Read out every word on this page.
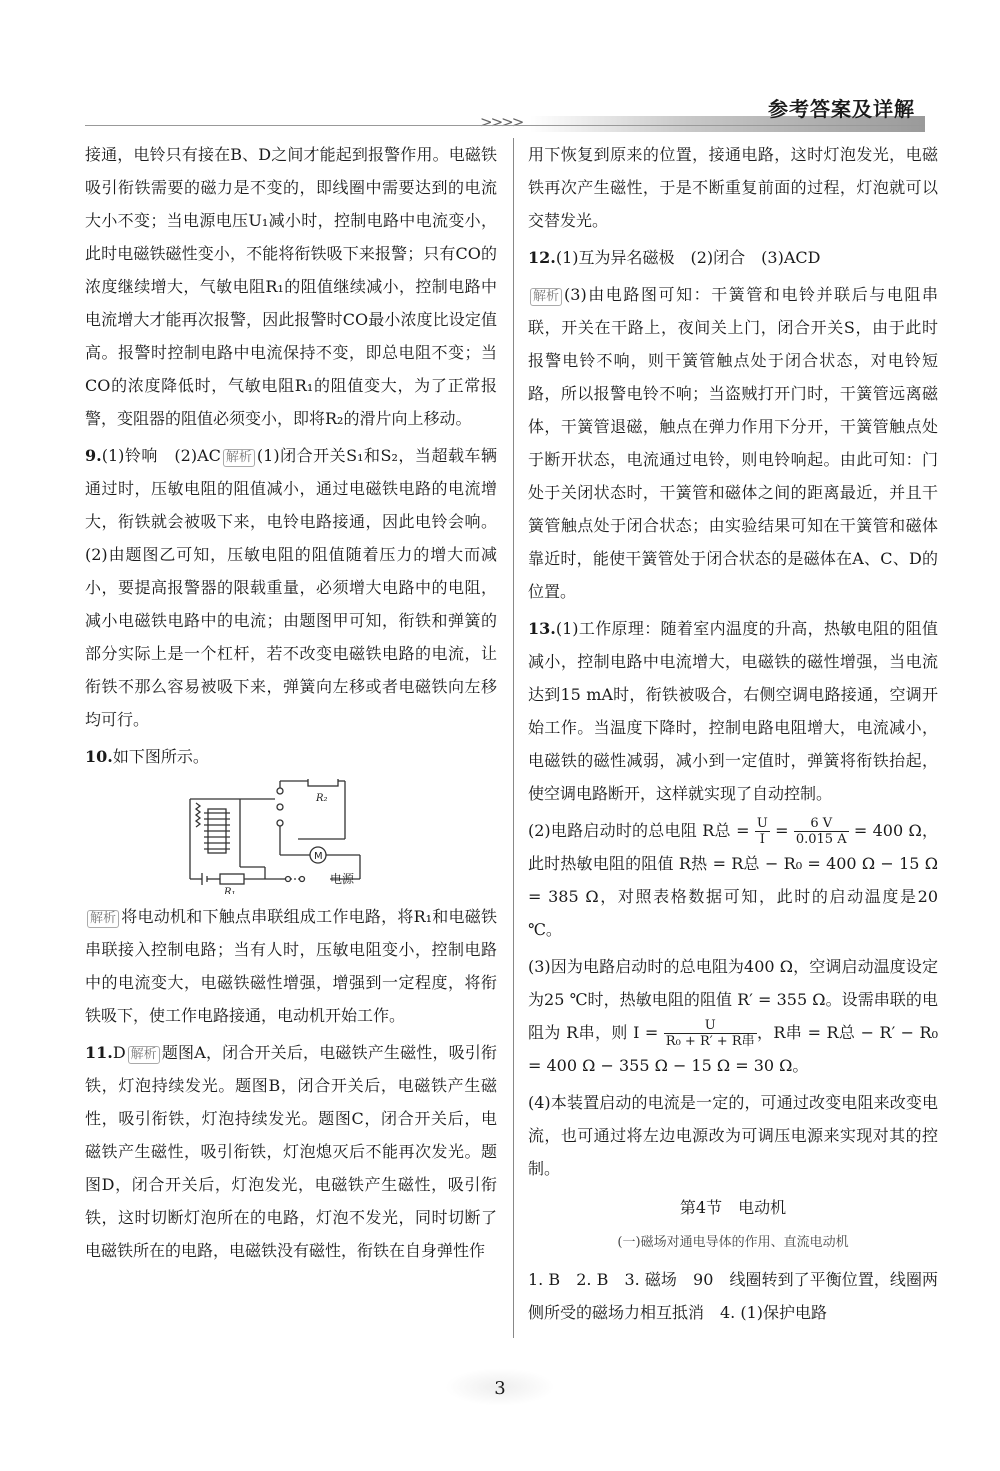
>>>>
参考答案及详解

接通，电铃只有接在B、D之间才能起到报警作用。电磁铁吸引衔铁需要的磁力是不变的，即线圈中需要达到的电流大小不变；当电源电压U₁减小时，控制电路中电流变小，此时电磁铁磁性变小，不能将衔铁吸下来报警；只有CO的浓度继续增大，气敏电阻R₁的阻值继续减小，控制电路中电流增大才能再次报警，因此报警时CO最小浓度比设定值高。报警时控制电路中电流保持不变，即总电阻不变；当CO的浓度降低时，气敏电阻R₁的阻值变大，为了正常报警，变阻器的阻值必须变小，即将R₂的滑片向上移动。

9.(1)铃响　(2)AC 解析 (1)闭合开关S₁和S₂，当超载车辆通过时，压敏电阻的阻值减小，通过电磁铁电路的电流增大，衔铁就会被吸下来，电铃电路接通，因此电铃会响。(2)由题图乙可知，压敏电阻的阻值随着压力的增大而减小，要提高报警器的限载重量，必须增大电路中的电阻，减小电磁铁电路中的电流；由题图甲可知，衔铁和弹簧的部分实际上是一个杠杆，若不改变电磁铁电路的电流，让衔铁不那么容易被吸下来，弹簧向左移或者电磁铁向左移均可行。

10.如下图所示。

R₂
R₁
M
电源

解析 将电动机和下触点串联组成工作电路，将R₁和电磁铁串联接入控制电路；当有人时，压敏电阻变小，控制电路中的电流变大，电磁铁磁性增强，增强到一定程度，将衔铁吸下，使工作电路接通，电动机开始工作。

11.D 解析 题图A，闭合开关后，电磁铁产生磁性，吸引衔铁，灯泡持续发光。题图B，闭合开关后，电磁铁产生磁性，吸引衔铁，灯泡持续发光。题图C，闭合开关后，电磁铁产生磁性，吸引衔铁，灯泡熄灭后不能再次发光。题图D，闭合开关后，灯泡发光，电磁铁产生磁性，吸引衔铁，这时切断灯泡所在的电路，灯泡不发光，同时切断了电磁铁所在的电路，电磁铁没有磁性，衔铁在自身弹性作

用下恢复到原来的位置，接通电路，这时灯泡发光，电磁铁再次产生磁性，于是不断重复前面的过程，灯泡就可以交替发光。

12.(1)互为异名磁极　(2)闭合　(3)ACD

解析 (3)由电路图可知：干簧管和电铃并联后与电阻串联，开关在干路上，夜间关上门，闭合开关S，由于此时报警电铃不响，则干簧管触点处于闭合状态，对电铃短路，所以报警电铃不响；当盗贼打开门时，干簧管远离磁体，干簧管退磁，触点在弹力作用下分开，干簧管触点处于断开状态，电流通过电铃，则电铃响起。由此可知：门处于关闭状态时，干簧管和磁体之间的距离最近，并且干簧管触点处于闭合状态；由实验结果可知在干簧管和磁体靠近时，能使干簧管处于闭合状态的是磁体在A、C、D的位置。

13.(1)工作原理：随着室内温度的升高，热敏电阻的阻值减小，控制电路中电流增大，电磁铁的磁性增强，当电流达到15 mA时，衔铁被吸合，右侧空调电路接通，空调开始工作。当温度下降时，控制电路电阻增大，电流减小，电磁铁的磁性减弱，减小到一定值时，弹簧将衔铁抬起，使空调电路断开，这样就实现了自动控制。

(2)电路启动时的总电阻 R总 = $\frac{U}{I} = \frac{6 V}{0.015 A} = 400$ Ω，此时热敏电阻的阻值 R热 = R总 − R₀ = 400 Ω − 15 Ω = 385 Ω，对照表格数据可知，此时的启动温度是20 ℃。

(3)因为电路启动时的总电阻为400 Ω，空调启动温度设定为25 ℃时，热敏电阻的阻值 R′ = 355 Ω。设需串联的电阻为 R串，则 $I = \frac{U}{\text{R₀ + R′ + R串}}$ ，R串 = R总 − R′ − R₀ = 400 Ω − 355 Ω − 15 Ω = 30 Ω。

(4)本装置启动的电流是一定的，可通过改变电阻来改变电流，也可通过将左边电源改为可调压电源来实现对其的控制。

第4节　电动机
(一)磁场对通电导体的作用、直流电动机

1. B　2. B　3. 磁场　90　线圈转到了平衡位置，线圈两侧所受的磁场力相互抵消　4. (1)保护电路

3
